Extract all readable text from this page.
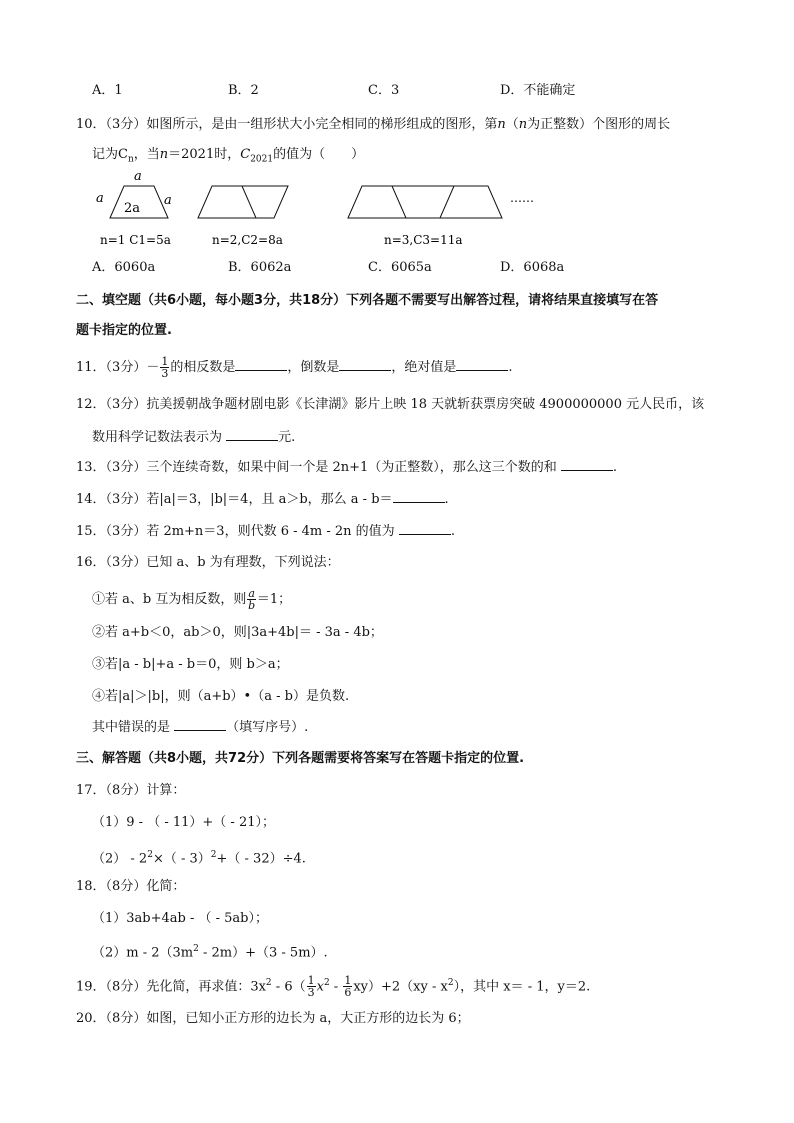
A．1	B．2	C．3	D．不能确定
10．（3分）如图所示，是由一组形状大小完全相同的梯形组成的图形，第n（n为正整数）个图形的周长
记为$C_n$，当n＝2021时，$C_{2021}$的值为（　　）
a
a
2a
a
n=1 C1=5a	n=2,C2=8a	n=3,C3=11a
……
A．6060a	B．6062a	C．6065a	D．6068a
二、填空题（共6小题，每小题3分，共18分）下列各题不需要写出解答过程，请将结果直接填写在答
题卡指定的位置.
11．（3分）－ $\frac{1}{3}$ 的相反数是	，倒数是	，绝对值是	.
12．（3分）抗美援朝战争题材剧电影《长津湖》影片上映 18 天就斩获票房突破 4900000000 元人民币，该
数用科学记数法表示为	元.
13．（3分）三个连续奇数，如果中间一个是 2n+1（为正整数），那么这三个数的和	.
14．（3分）若|a|＝3，|b|＝4，且 a＞b，那么 a - b＝	.
15．（3分）若 2m+n＝3，则代数 6 - 4m - 2n 的值为	.
16．（3分）已知 a、b 为有理数，下列说法：
①若 a、b 互为相反数，则 $\frac{a}{b} =1$；
②若 a+b＜0，ab＞0，则|3a+4b|＝ - 3a - 4b；
③若|a - b|+a - b＝0，则 b＞a；
④若|a|＞|b|，则（a+b）•（a - b）是负数.
其中错误的是	（填写序号）.
三、解答题（共8小题，共72分）下列各题需要将答案写在答题卡指定的位置.
17．（8分）计算：
（1）9 - （ - 11）+（ - 21）；
$(2) - 2^2\times( - 3)^2+( - 32)\div 4$.
18．（8分）化简：
（1）3ab+4ab - （ - 5ab）；
$(2)m - 2(3m^2 - 2m)+(3 - 5m)$.
19．（8分）先化简，再求值：$3x^2 - 6( \frac{1}{3} x^2 - \frac{1}{6} xy)+2(xy - x^2)$，其中 x＝ - 1，y＝2.
20．（8分）如图，已知小正方形的边长为 a，大正方形的边长为 6；
